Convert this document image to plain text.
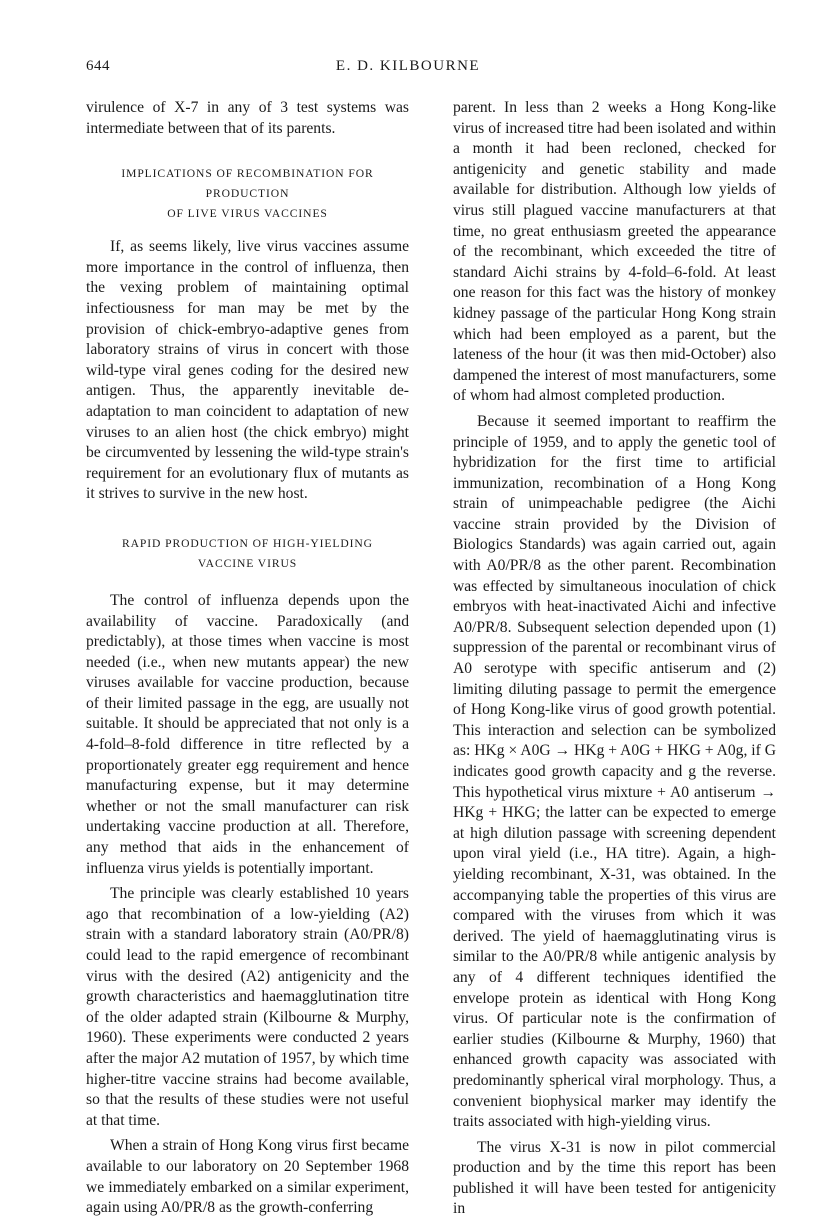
644	E. D. KILBOURNE

virulence of X-7 in any of 3 test systems was intermediate between that of its parents.

IMPLICATIONS OF RECOMBINATION FOR PRODUCTION
OF LIVE VIRUS VACCINES

If, as seems likely, live virus vaccines assume more importance in the control of influenza, then the vexing problem of maintaining optimal infectiousness for man may be met by the provision of chick-embryo-adaptive genes from laboratory strains of virus in concert with those wild-type viral genes coding for the desired new antigen. Thus, the apparently inevitable de-adaptation to man coincident to adaptation of new viruses to an alien host (the chick embryo) might be circumvented by lessening the wild-type strain's requirement for an evolutionary flux of mutants as it strives to survive in the new host.

RAPID PRODUCTION OF HIGH-YIELDING
VACCINE VIRUS

The control of influenza depends upon the availability of vaccine. Paradoxically (and predictably), at those times when vaccine is most needed (i.e., when new mutants appear) the new viruses available for vaccine production, because of their limited passage in the egg, are usually not suitable. It should be appreciated that not only is a 4-fold–8-fold difference in titre reflected by a proportionately greater egg requirement and hence manufacturing expense, but it may determine whether or not the small manufacturer can risk undertaking vaccine production at all. Therefore, any method that aids in the enhancement of influenza virus yields is potentially important.

The principle was clearly established 10 years ago that recombination of a low-yielding (A2) strain with a standard laboratory strain (A0/PR/8) could lead to the rapid emergence of recombinant virus with the desired (A2) antigenicity and the growth characteristics and haemagglutination titre of the older adapted strain (Kilbourne & Murphy, 1960). These experiments were conducted 2 years after the major A2 mutation of 1957, by which time higher-titre vaccine strains had become available, so that the results of these studies were not useful at that time.

When a strain of Hong Kong virus first became available to our laboratory on 20 September 1968 we immediately embarked on a similar experiment, again using A0/PR/8 as the growth-conferring

parent. In less than 2 weeks a Hong Kong-like virus of increased titre had been isolated and within a month it had been recloned, checked for antigenicity and genetic stability and made available for distribution. Although low yields of virus still plagued vaccine manufacturers at that time, no great enthusiasm greeted the appearance of the recombinant, which exceeded the titre of standard Aichi strains by 4-fold–6-fold. At least one reason for this fact was the history of monkey kidney passage of the particular Hong Kong strain which had been employed as a parent, but the lateness of the hour (it was then mid-October) also dampened the interest of most manufacturers, some of whom had almost completed production.

Because it seemed important to reaffirm the principle of 1959, and to apply the genetic tool of hybridization for the first time to artificial immunization, recombination of a Hong Kong strain of unimpeachable pedigree (the Aichi vaccine strain provided by the Division of Biologics Standards) was again carried out, again with A0/PR/8 as the other parent. Recombination was effected by simultaneous inoculation of chick embryos with heat-inactivated Aichi and infective A0/PR/8. Subsequent selection depended upon (1) suppression of the parental or recombinant virus of A0 serotype with specific antiserum and (2) limiting diluting passage to permit the emergence of Hong Kong-like virus of good growth potential. This interaction and selection can be symbolized as: HKg × A0G → HKg + A0G + HKG + A0g, if G indicates good growth capacity and g the reverse. This hypothetical virus mixture + A0 antiserum → HKg + HKG; the latter can be expected to emerge at high dilution passage with screening dependent upon viral yield (i.e., HA titre). Again, a high-yielding recombinant, X-31, was obtained. In the accompanying table the properties of this virus are compared with the viruses from which it was derived. The yield of haemagglutinating virus is similar to the A0/PR/8 while antigenic analysis by any of 4 different techniques identified the envelope protein as identical with Hong Kong virus. Of particular note is the confirmation of earlier studies (Kilbourne & Murphy, 1960) that enhanced growth capacity was associated with predominantly spherical viral morphology. Thus, a convenient biophysical marker may identify the traits associated with high-yielding virus.

The virus X-31 is now in pilot commercial production and by the time this report has been published it will have been tested for antigenicity in
